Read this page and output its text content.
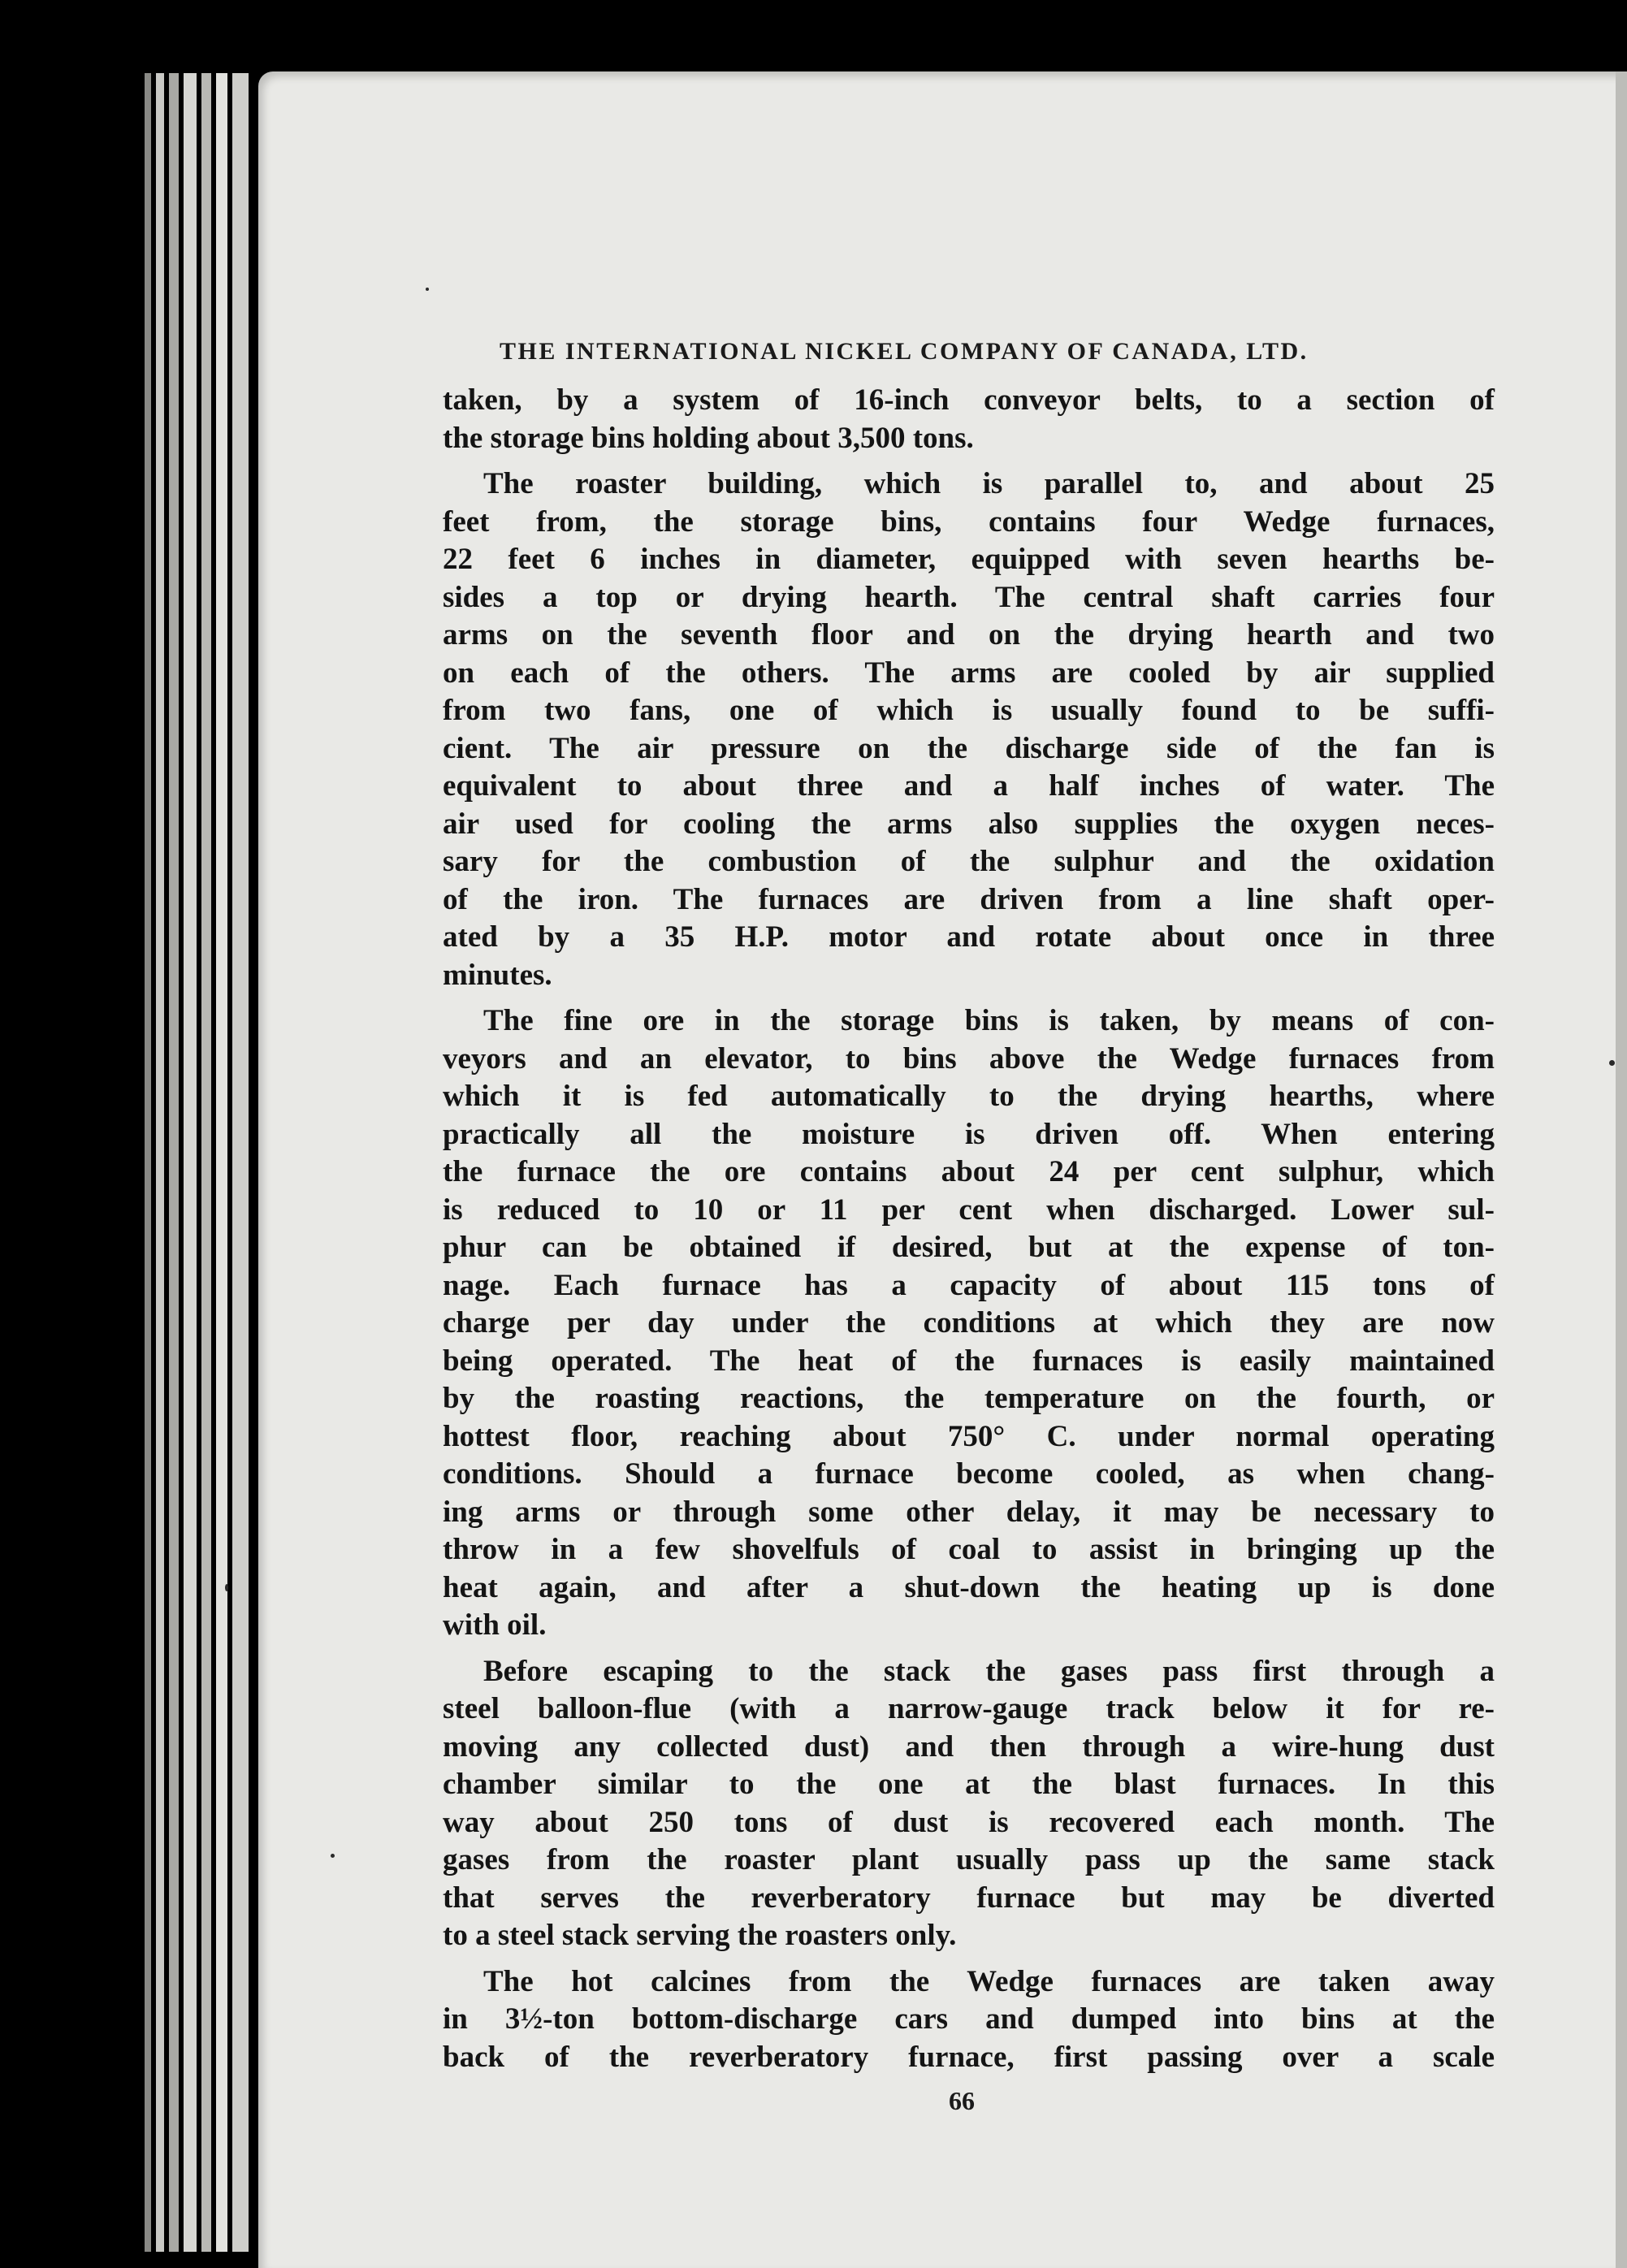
THE INTERNATIONAL NICKEL COMPANY OF CANADA, LTD.
taken, by a system of 16-inch conveyor belts, to a section of
the storage bins holding about 3,500 tons.
The roaster building, which is parallel to, and about 25
feet from, the storage bins, contains four Wedge furnaces,
22 feet 6 inches in diameter, equipped with seven hearths be-
sides a top or drying hearth. The central shaft carries four
arms on the seventh floor and on the drying hearth and two
on each of the others. The arms are cooled by air supplied
from two fans, one of which is usually found to be suffi-
cient. The air pressure on the discharge side of the fan is
equivalent to about three and a half inches of water. The
air used for cooling the arms also supplies the oxygen neces-
sary for the combustion of the sulphur and the oxidation
of the iron. The furnaces are driven from a line shaft oper-
ated by a 35 H.P. motor and rotate about once in three
minutes.
The fine ore in the storage bins is taken, by means of con-
veyors and an elevator, to bins above the Wedge furnaces from
which it is fed automatically to the drying hearths, where
practically all the moisture is driven off. When entering
the furnace the ore contains about 24 per cent sulphur, which
is reduced to 10 or 11 per cent when discharged. Lower sul-
phur can be obtained if desired, but at the expense of ton-
nage. Each furnace has a capacity of about 115 tons of
charge per day under the conditions at which they are now
being operated. The heat of the furnaces is easily maintained
by the roasting reactions, the temperature on the fourth, or
hottest floor, reaching about 750° C. under normal operating
conditions. Should a furnace become cooled, as when chang-
ing arms or through some other delay, it may be necessary to
throw in a few shovelfuls of coal to assist in bringing up the
heat again, and after a shut-down the heating up is done
with oil.
Before escaping to the stack the gases pass first through a
steel balloon-flue (with a narrow-gauge track below it for re-
moving any collected dust) and then through a wire-hung dust
chamber similar to the one at the blast furnaces. In this
way about 250 tons of dust is recovered each month. The
gases from the roaster plant usually pass up the same stack
that serves the reverberatory furnace but may be diverted
to a steel stack serving the roasters only.
The hot calcines from the Wedge furnaces are taken away
in 3½-ton bottom-discharge cars and dumped into bins at the
back of the reverberatory furnace, first passing over a scale
66
